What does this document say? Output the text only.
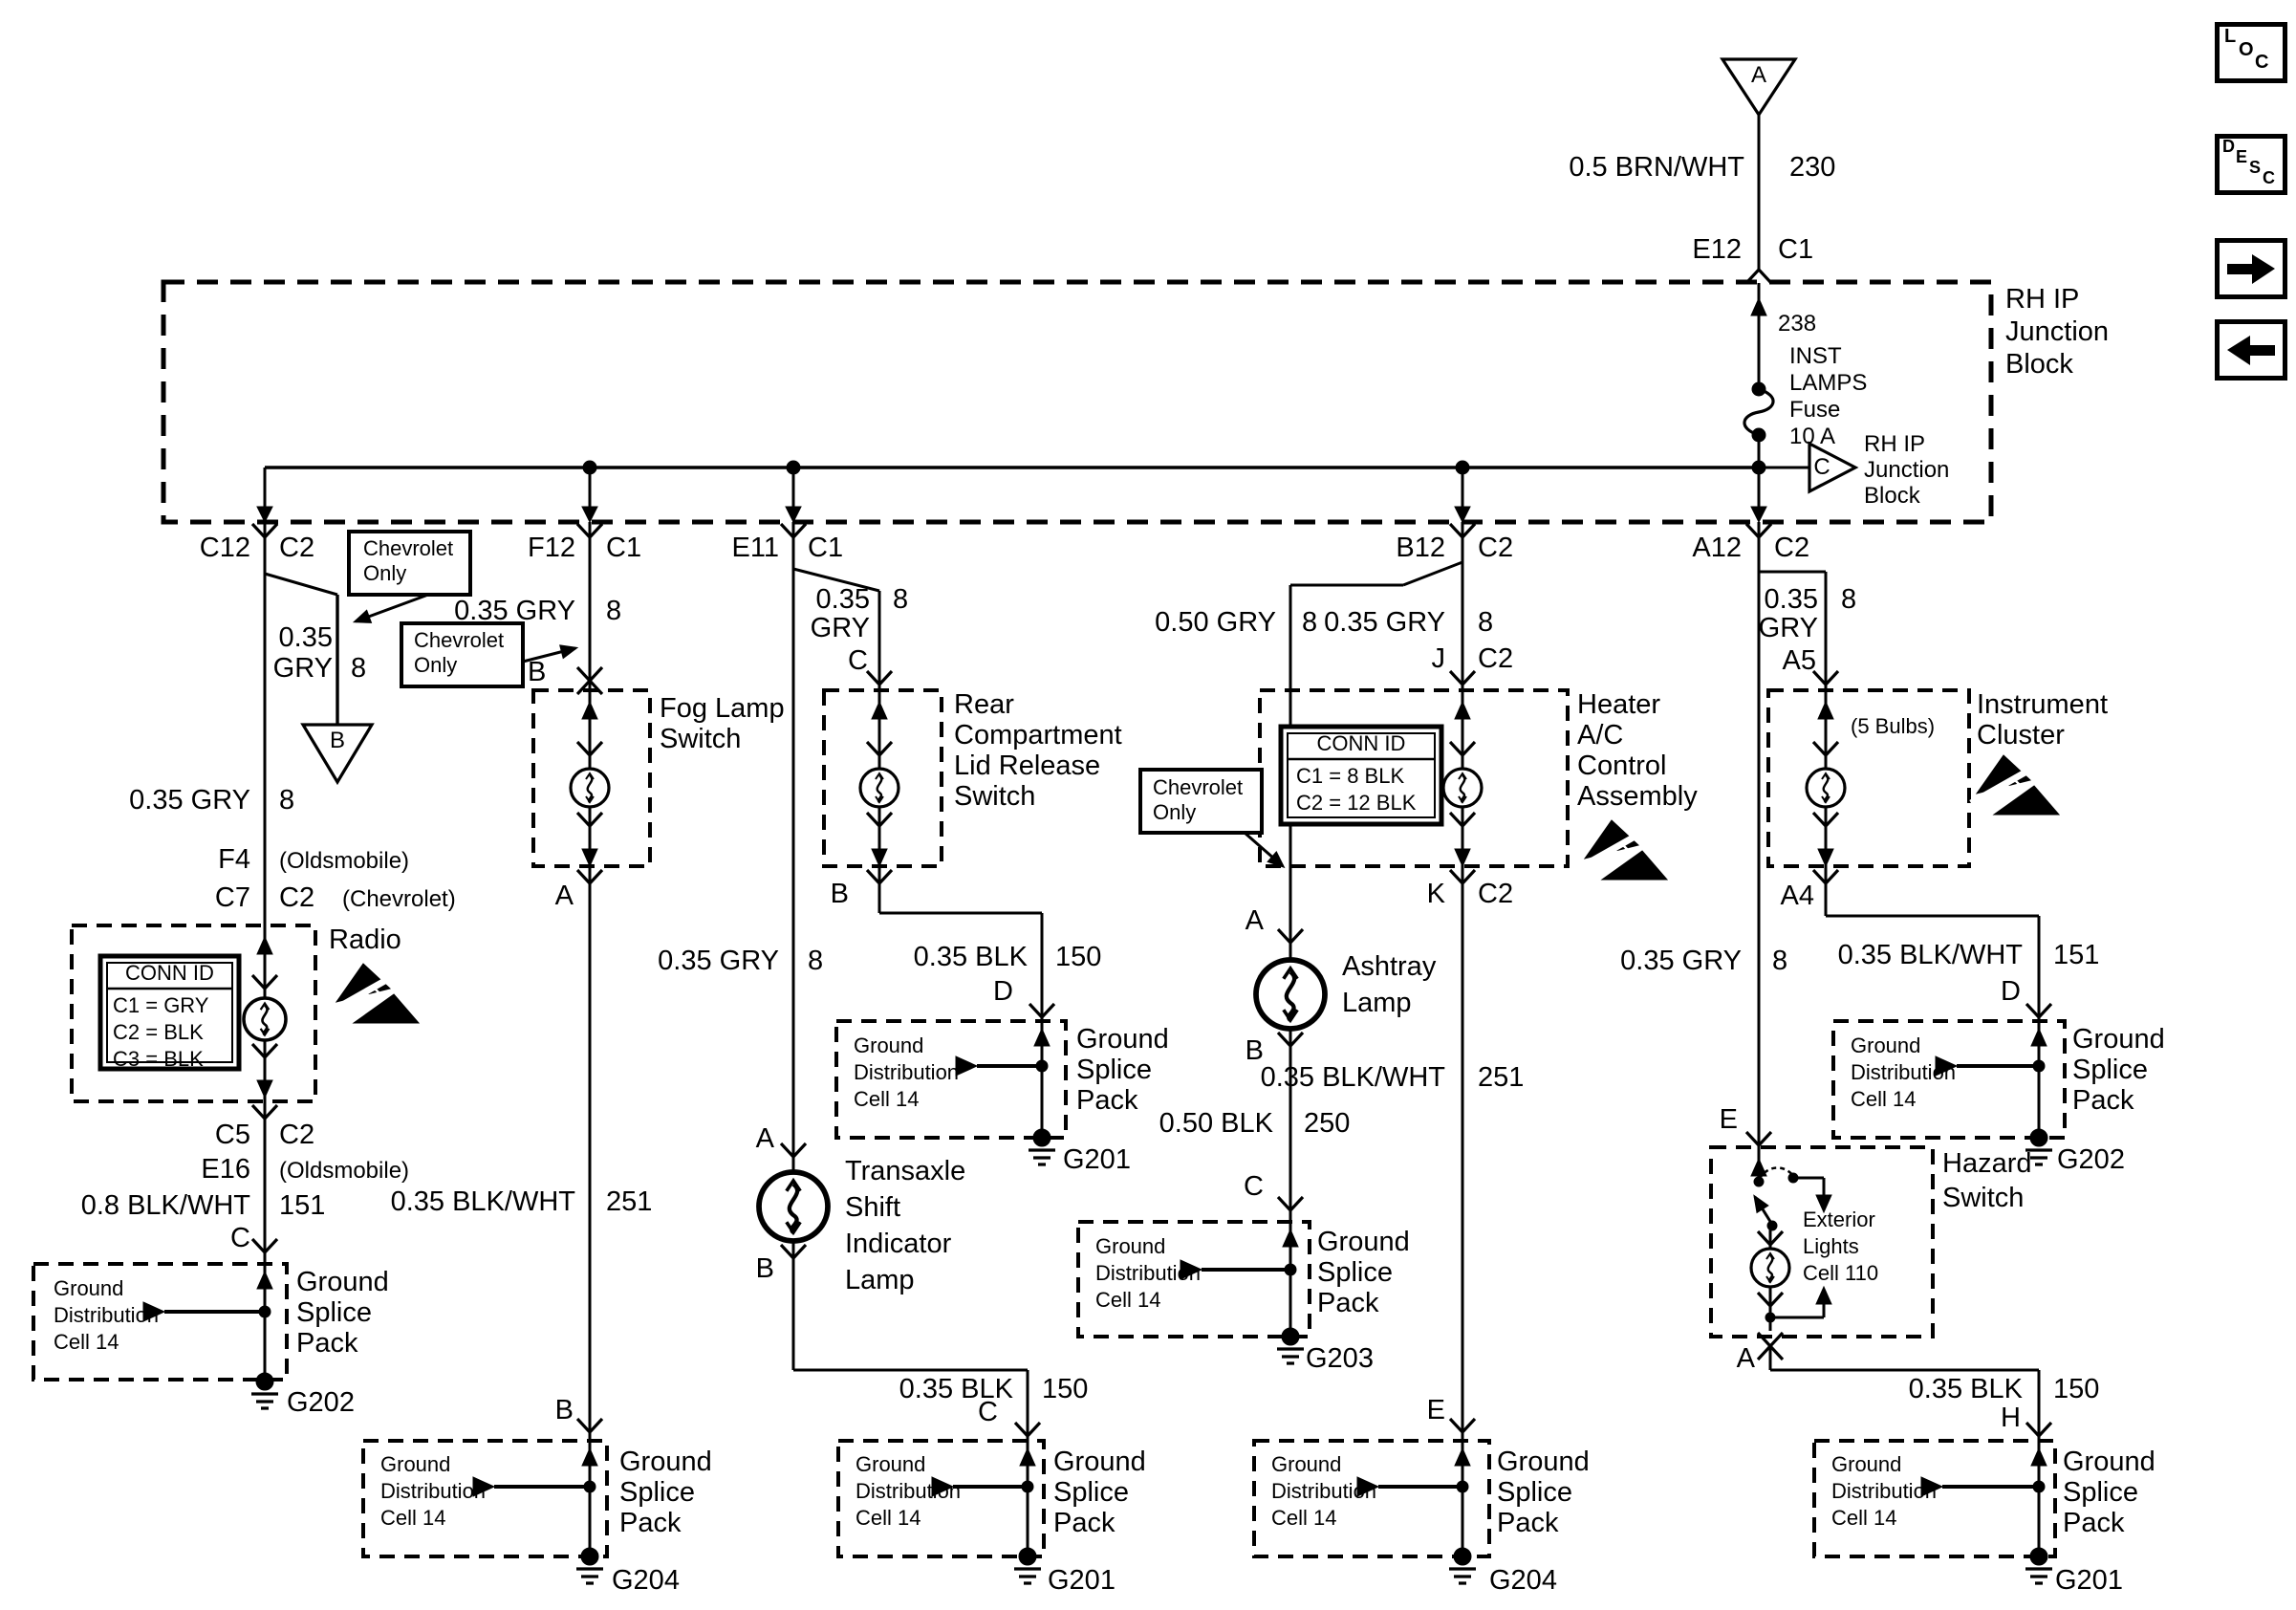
L
O
C
D
E
S
C
A
0.5 BRN/WHT 230
E12 C1
RH IP
Junction
Block
238
INST
LAMPS
Fuse
10 A
C
RH IP
Junction
Block
C12 C2 Chevrolet
Only
0.35
GRY 8
B
0.35 GRY 8
F4 (Oldsmobile)
C7 C2 (Chevrolet)
Radio
CONN ID
C1 = GRY
C2 = BLK
C3 = BLK
C5 C2
E16 (Oldsmobile)
0.8 BLK/WHT 151
C
Ground
Distribution
Cell 14
Ground
Splice
Pack
G202
F12 C1
0.35 GRY 8
Chevrolet
Only	B
Fog Lamp
Switch
A
0.35 BLK/WHT 251
B
Ground
Distribution
Cell 14
Ground
Splice
Pack
G204
E11 C1
0.35 8
GRY
C
Rear
Compartment
Lid Release
Switch
B
0.35 GRY 8
A
Transaxle
Shift
Indicator
Lamp
B
0.35 BLK 150
D
Ground
Distribution
Cell 14
Ground
Splice
Pack
G201
0.35 BLK 150
C
Ground
Distribution
Cell 14
Ground
Splice
Pack
G201
B12 C2
0.50 GRY 8 0.35 GRY 8
J C2
CONN ID
C1 = 8 BLK
C2 = 12 BLK
Heater
A/C
Control
Assembly
K C2
Chevrolet
Only
A
Ashtray
Lamp
B
0.35 BLK/WHT 251
0.50 BLK 250
C
Ground
Distribution
Cell 14
Ground
Splice
Pack
G203
E
Ground
Distribution
Cell 14
Ground
Splice
Pack
G204
A12 C2
0.35 8
GRY
A5
(5 Bulbs)
Instrument
Cluster
A4
0.35 BLK/WHT 151
D
Ground
Distribution
Cell 14
Ground
Splice
Pack
G202
0.35 GRY 8
E
Hazard
Switch
Exterior
Lights
Cell 110
A
0.35 BLK 150
H
Ground
Distribution
Cell 14
Ground
Splice
Pack
G201
